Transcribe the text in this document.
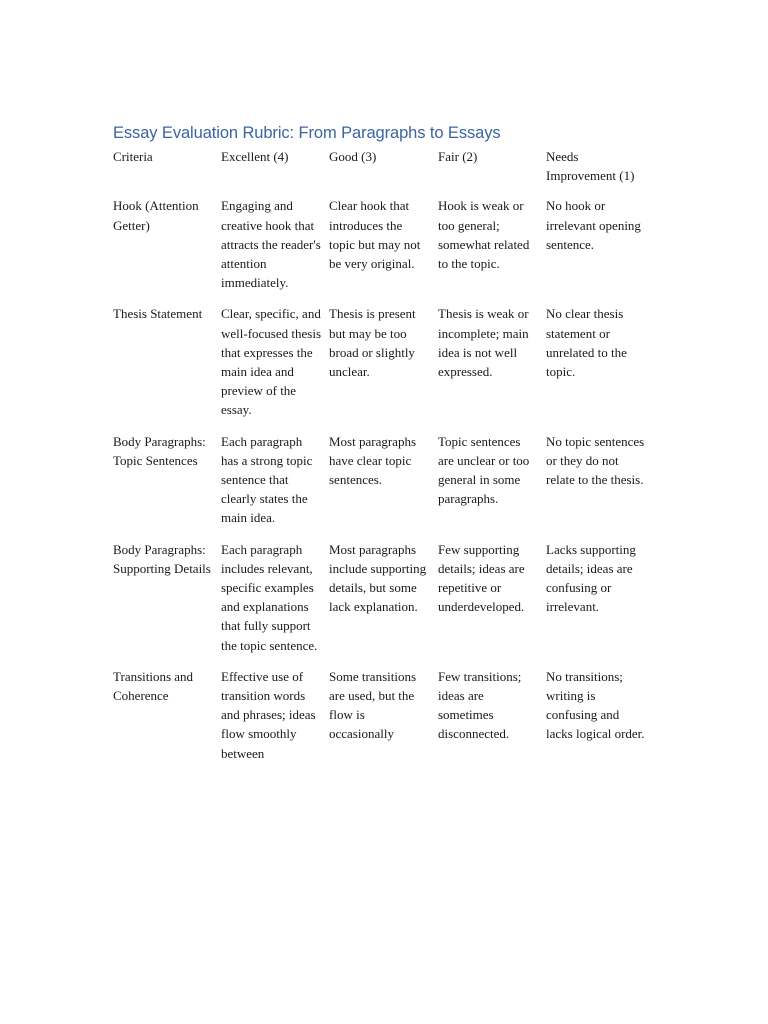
Essay Evaluation Rubric: From Paragraphs to Essays
Criteria	Excellent (4)	Good (3)	Fair (2)	Needs Improvement (1)
Hook (Attention Getter)	Engaging and creative hook that attracts the reader's attention immediately.	Clear hook that introduces the topic but may not be very original.	Hook is weak or too general; somewhat related to the topic.	No hook or irrelevant opening sentence.
Thesis Statement	Clear, specific, and well-focused thesis that expresses the main idea and preview of the essay.	Thesis is present but may be too broad or slightly unclear.	Thesis is weak or incomplete; main idea is not well expressed.	No clear thesis statement or unrelated to the topic.
Body Paragraphs: Topic Sentences	Each paragraph has a strong topic sentence that clearly states the main idea.	Most paragraphs have clear topic sentences.	Topic sentences are unclear or too general in some paragraphs.	No topic sentences or they do not relate to the thesis.
Body Paragraphs: Supporting Details	Each paragraph includes relevant, specific examples and explanations that fully support the topic sentence.	Most paragraphs include supporting details, but some lack explanation.	Few supporting details; ideas are repetitive or underdeveloped.	Lacks supporting details; ideas are confusing or irrelevant.
Transitions and Coherence	Effective use of transition words and phrases; ideas flow smoothly between	Some transitions are used, but the flow is occasionally	Few transitions; ideas are sometimes disconnected.	No transitions; writing is confusing and lacks logical order.
